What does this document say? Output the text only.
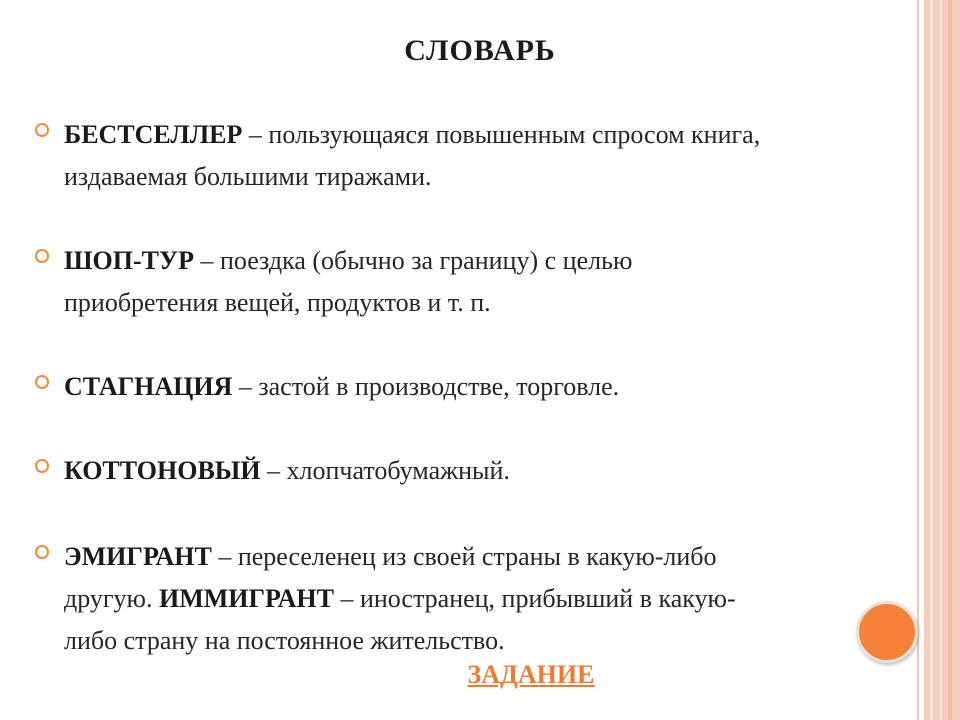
СЛОВАРЬ
БЕСТСЕЛЛЕР – пользующаяся повышенным спросом книга,
издаваемая большими тиражами.
ШОП-ТУР – поездка (обычно за границу) с целью
приобретения вещей, продуктов и т. п.
СТАГНАЦИЯ – застой в производстве, торговле.
КОТТОНОВЫЙ – хлопчатобумажный.
ЭМИГРАНТ – переселенец из своей страны в какую-либо
другую. ИММИГРАНТ – иностранец, прибывший в какую-
либо страну на постоянное жительство.
ЗАДАНИЕ
